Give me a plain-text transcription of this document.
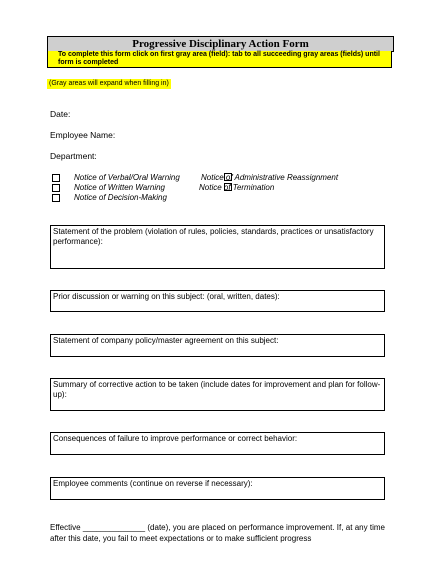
Progressive Disciplinary Action Form
To complete this form click on first gray area (field): tab to all succeeding gray areas (fields) until form is completed
(Gray areas will expand when filling in)
Date:
Employee Name:
Department:
Notice of Verbal/Oral Warning
Notice of Written Warning
Notice of Decision-Making
Notice of Administrative Reassignment
Notice of Termination
Statement of the problem (violation of rules, policies, standards, practices or unsatisfactory performance):
Prior discussion or warning on this subject: (oral, written, dates):
Statement of company policy/master agreement on this subject:
Summary of corrective action to be taken (include dates for improvement and plan for follow-up):
Consequences of failure to improve performance or correct behavior:
Employee comments (continue on reverse if necessary):
Effective ______________ (date), you are placed on performance improvement. If, at any time after this date, you fail to meet expectations or to make sufficient progress
